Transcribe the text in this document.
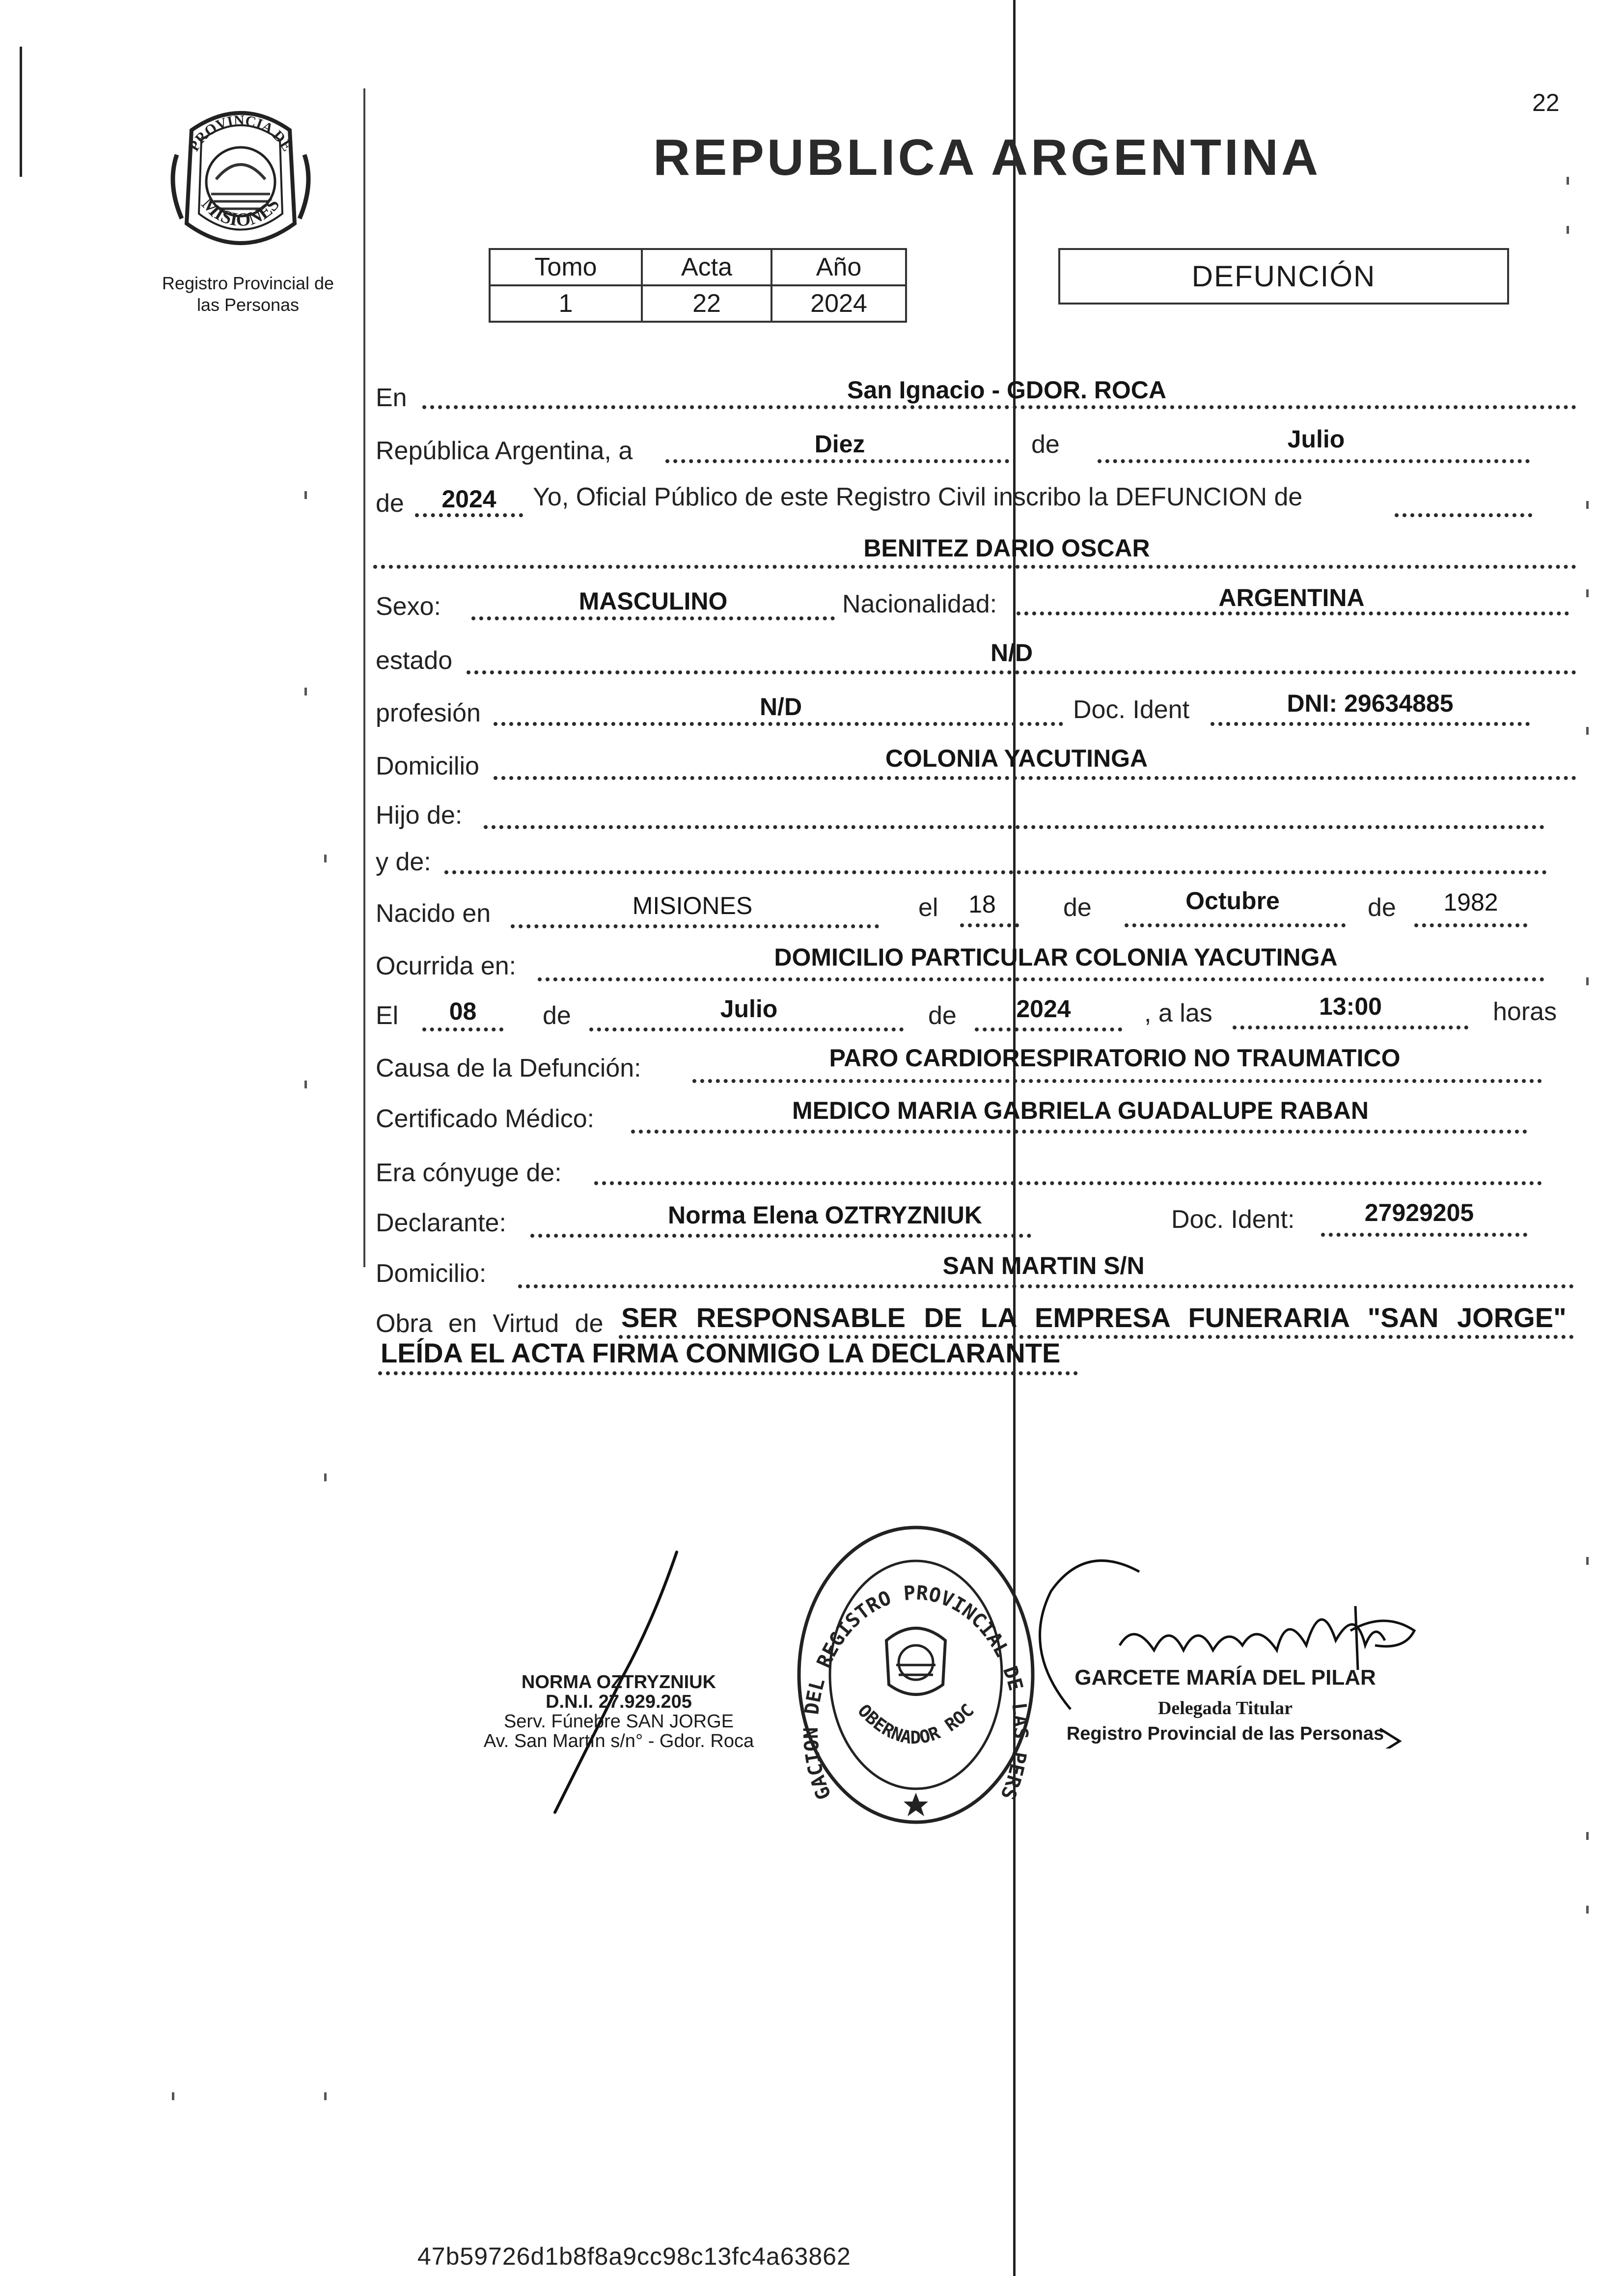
22
PROVINCIA DE
MISIONES
Registro Provincial de
las Personas
REPUBLICA ARGENTINA
Tomo	Acta	Año
1	22	2024
DEFUNCIÓN
En	San Ignacio - GDOR. ROCA
República Argentina, a	Diez	de	Julio
de	2024	Yo, Oficial Público de este Registro Civil inscribo la DEFUNCION de
BENITEZ DARIO OSCAR
Sexo:	MASCULINO	Nacionalidad:	ARGENTINA
estado	N/D
profesión	N/D	Doc. Ident	DNI: 29634885
Domicilio	COLONIA YACUTINGA
Hijo de:
y de:
Nacido en	MISIONES	el	18	de	Octubre	de	1982
Ocurrida en:	DOMICILIO PARTICULAR COLONIA YACUTINGA
El	08	de	Julio	de	2024	, a las	13:00	horas
Causa de la Defunción:	PARO CARDIORESPIRATORIO NO TRAUMATICO
Certificado Médico:	MEDICO MARIA GABRIELA GUADALUPE RABAN
Era cónyuge de:
Declarante:	Norma Elena OZTRYZNIUK	Doc. Ident:	27929205
Domicilio:	SAN MARTIN S/N
Obra en Virtud de SER RESPONSABLE DE LA EMPRESA FUNERARIA "SAN JORGE"
LEÍDA EL ACTA FIRMA CONMIGO LA DECLARANTE
NORMA OZTRYZNIUK
D.N.I. 27.929.205
Serv. Fúnebre SAN JORGE
Av. San Martín s/n° - Gdor. Roca
GACION DEL REGISTRO PROVINCIAL DE LAS PERS
OBERNADOR ROC
GARCETE MARÍA DEL PILAR
Delegada Titular
Registro Provincial de las Personas
47b59726d1b8f8a9cc98c13fc4a63862
